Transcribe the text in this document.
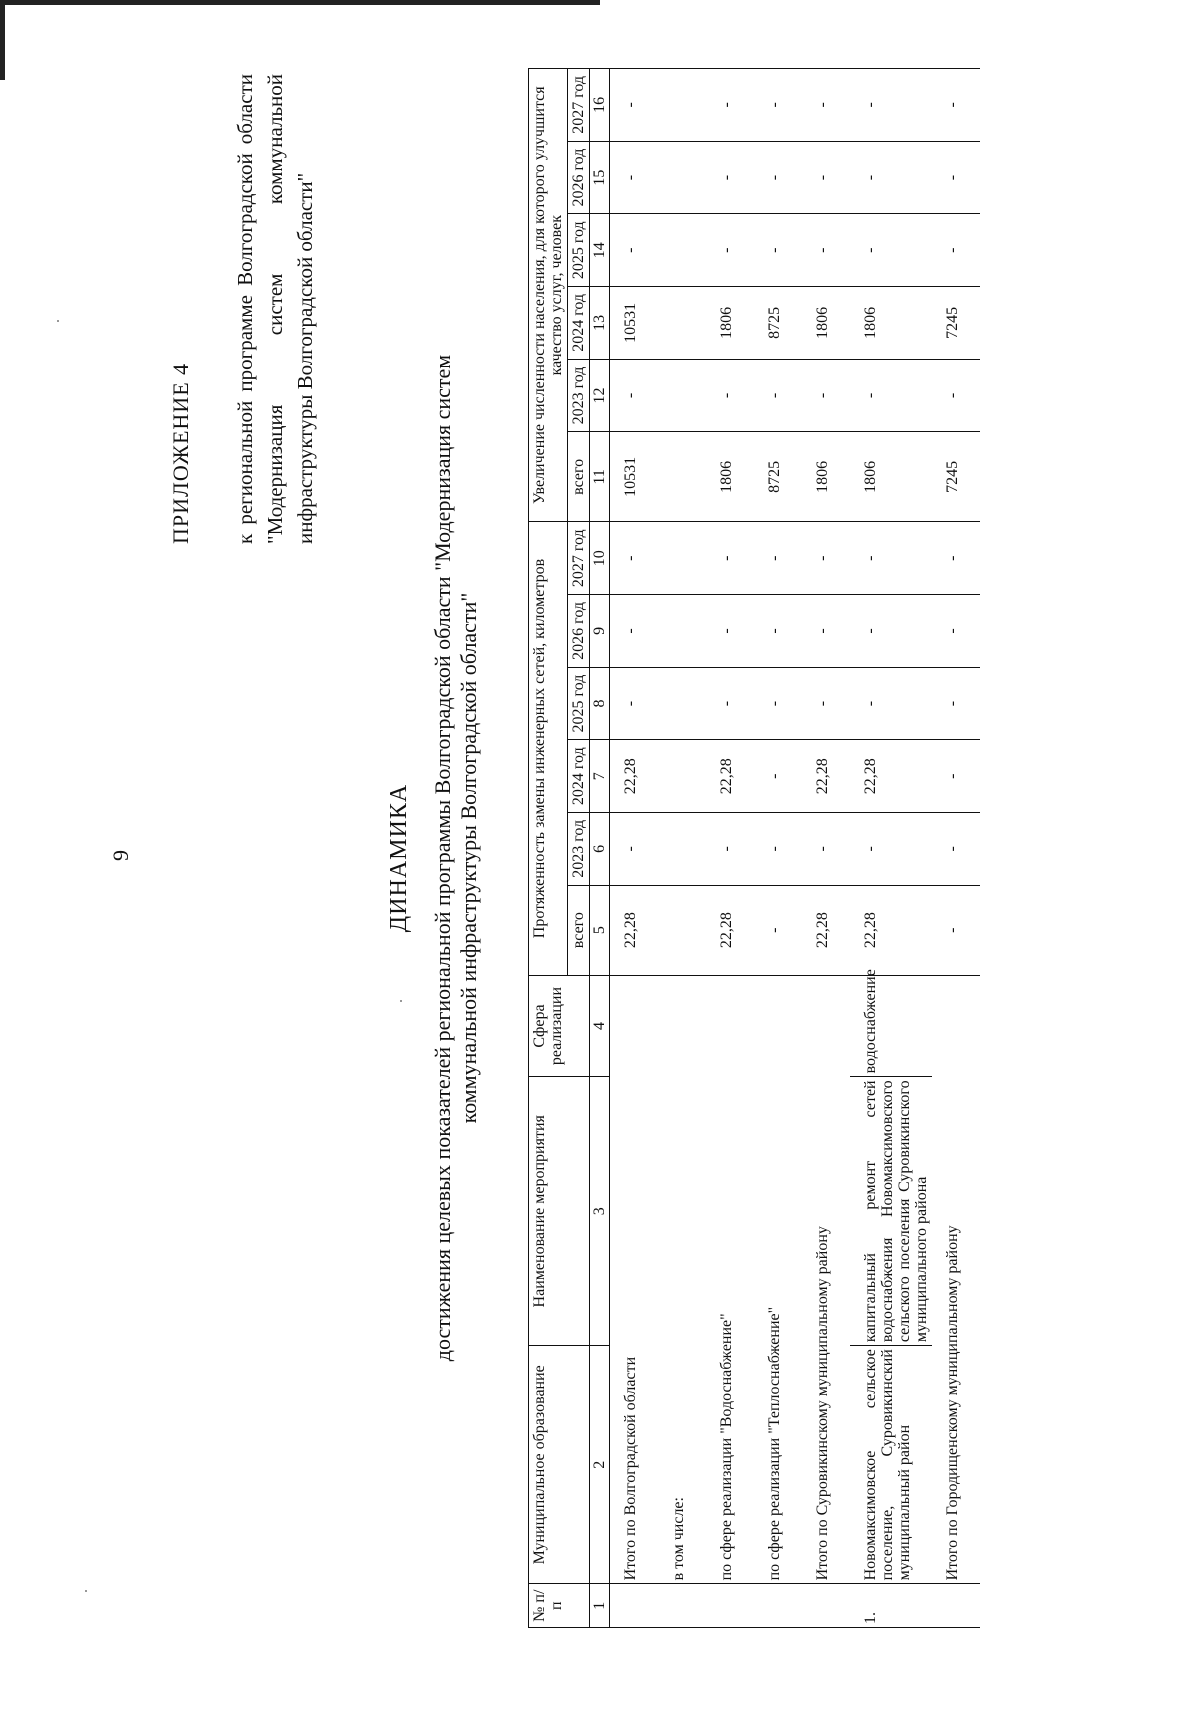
9
ПРИЛОЖЕНИЕ 4 к региональной программе Волгоградской области "Модернизация систем коммунальной инфраструктуры Волгоградской области"
ДИНАМИКА достижения целевых показателей региональной программы Волгоградской области "Модернизация систем коммунальной инфраструктуры Волгоградской области"
№ п/п	Муниципальное образование	Наименование мероприятия	Сфера реализации	Протяженность замены инженерных сетей, километров						Увеличение численности населения, для которого улучшится качество услуг, человек					
				всего	2023 год	2024 год	2025 год	2026 год	2027 год	всего	2023 год	2024 год	2025 год	2026 год	2027 год
1	2	3	4	5	6	7	8	9	10	11	12	13	14	15	16
	Итого по Волгоградской области			22,28	-	22,28	-	-	-	10531	-	10531	-	-	-
	в том числе:														
	по сфере реализации "Водоснабжение"			22,28	-	22,28	-	-	-	1806	-	1806	-	-	-
	по сфере реализации "Теплоснабжение"			-	-	-	-	-	-	8725	-	8725	-	-	-
	Итого по Суровикинскому муниципальному району			22,28	-	22,28	-	-	-	1806	-	1806	-	-	-
1.	Новомаксимовское сельское поселение, Суровикинский муниципальный район	капитальный ремонт сетей водоснабжения Новомаксимовского сельского поселения Суровикинского муниципального района	водоснабжение	22,28	-	22,28	-	-	-	1806	-	1806	-	-	-
	Итого по Городищенскому муниципальному району			-	-	-	-	-	-	7245	-	7245	-	-	-
